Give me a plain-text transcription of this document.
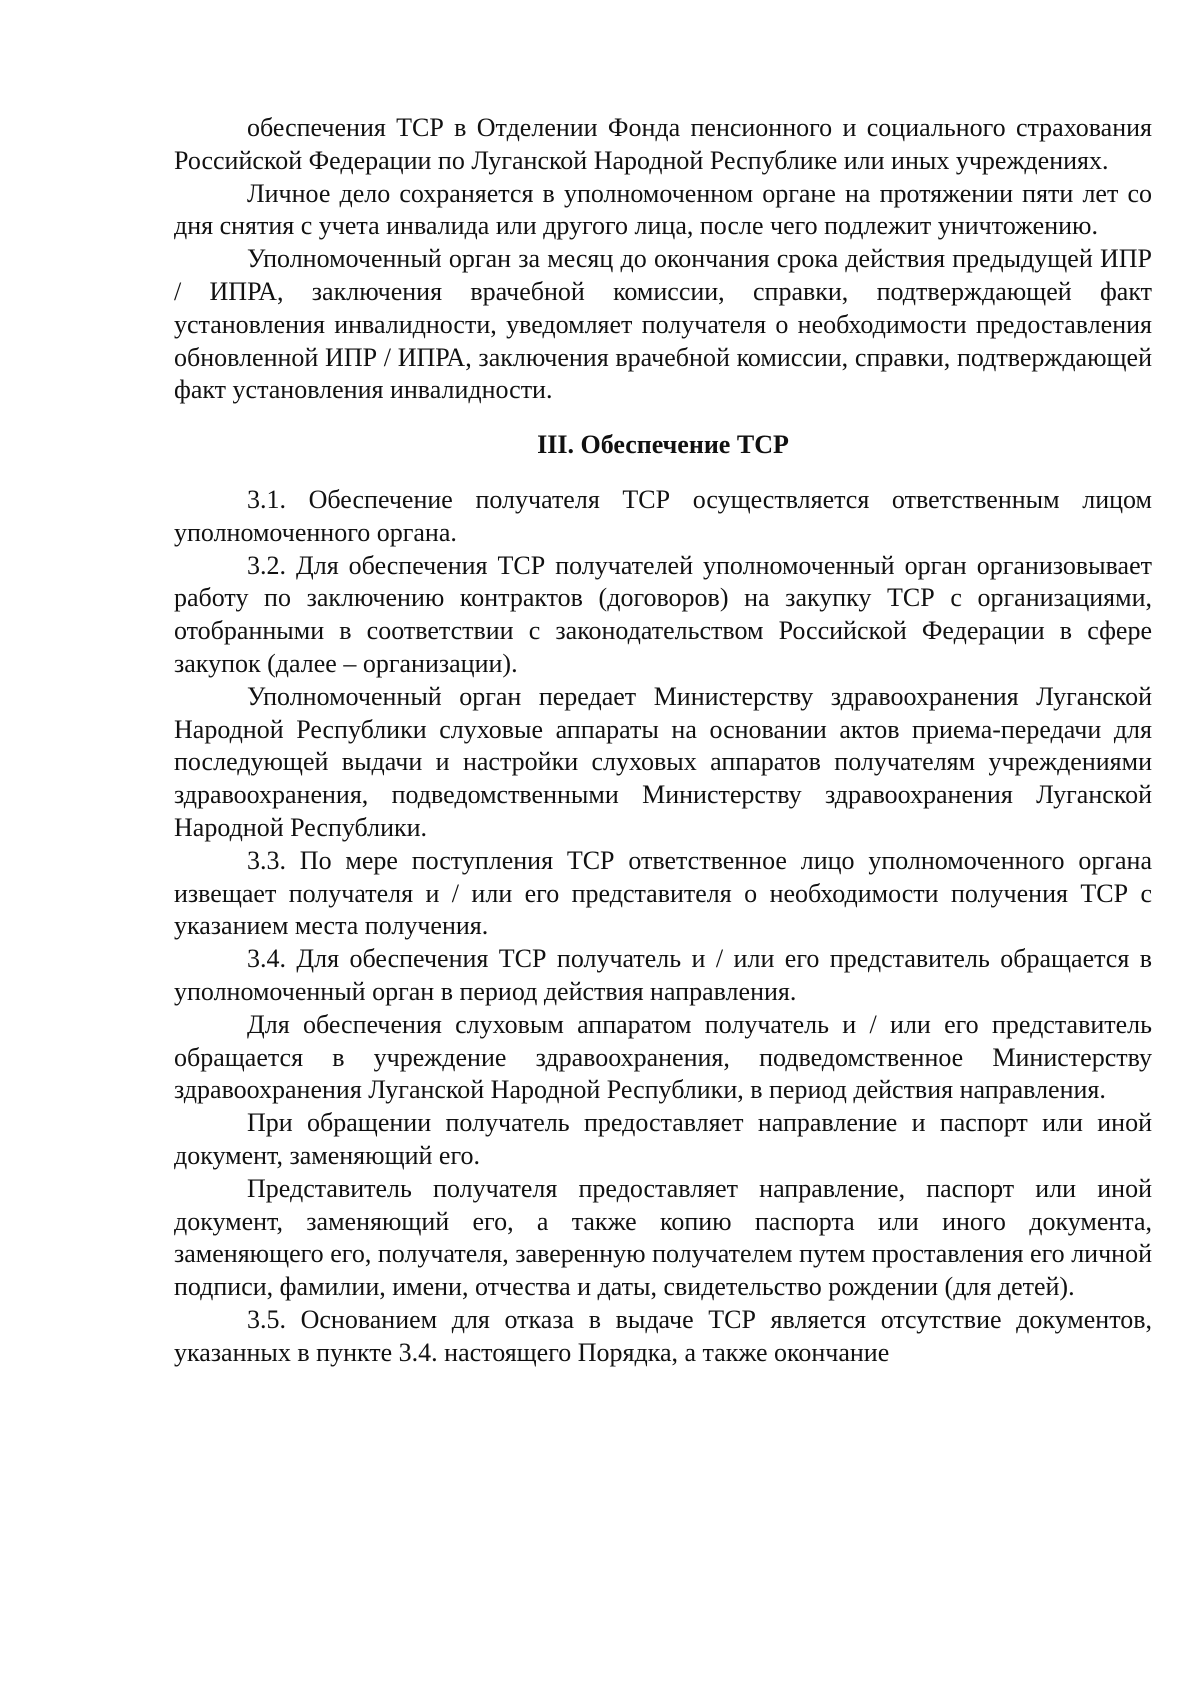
обеспечения ТСР в Отделении Фонда пенсионного и социального страхования Российской Федерации по Луганской Народной Республике или иных учреждениях.

Личное дело сохраняется в уполномоченном органе на протяжении пяти лет со дня снятия с учета инвалида или другого лица, после чего подлежит уничтожению.

Уполномоченный орган за месяц до окончания срока действия предыдущей ИПР / ИПРА, заключения врачебной комиссии, справки, подтверждающей факт установления инвалидности, уведомляет получателя о необходимости предоставления обновленной ИПР / ИПРА, заключения врачебной комиссии, справки, подтверждающей факт установления инвалидности.

III. Обеспечение ТСР

3.1. Обеспечение получателя ТСР осуществляется ответственным лицом уполномоченного органа.

3.2. Для обеспечения ТСР получателей уполномоченный орган организовывает работу по заключению контрактов (договоров) на закупку ТСР с организациями, отобранными в соответствии с законодательством Российской Федерации в сфере закупок (далее – организации).

Уполномоченный орган передает Министерству здравоохранения Луганской Народной Республики слуховые аппараты на основании актов приема-передачи для последующей выдачи и настройки слуховых аппаратов получателям учреждениями здравоохранения, подведомственными Министерству здравоохранения Луганской Народной Республики.

3.3. По мере поступления ТСР ответственное лицо уполномоченного органа извещает получателя и / или его представителя о необходимости получения ТСР с указанием места получения.

3.4. Для обеспечения ТСР получатель и / или его представитель обращается в уполномоченный орган в период действия направления.

Для обеспечения слуховым аппаратом получатель и / или его представитель обращается в учреждение здравоохранения, подведомственное Министерству здравоохранения Луганской Народной Республики, в период действия направления.

При обращении получатель предоставляет направление и паспорт или иной документ, заменяющий его.

Представитель получателя предоставляет направление, паспорт или иной документ, заменяющий его, а также копию паспорта или иного документа, заменяющего его, получателя, заверенную получателем путем проставления его личной подписи, фамилии, имени, отчества и даты, свидетельство рождении (для детей).

3.5. Основанием для отказа в выдаче ТСР является отсутствие документов, указанных в пункте 3.4. настоящего Порядка, а также окончание
